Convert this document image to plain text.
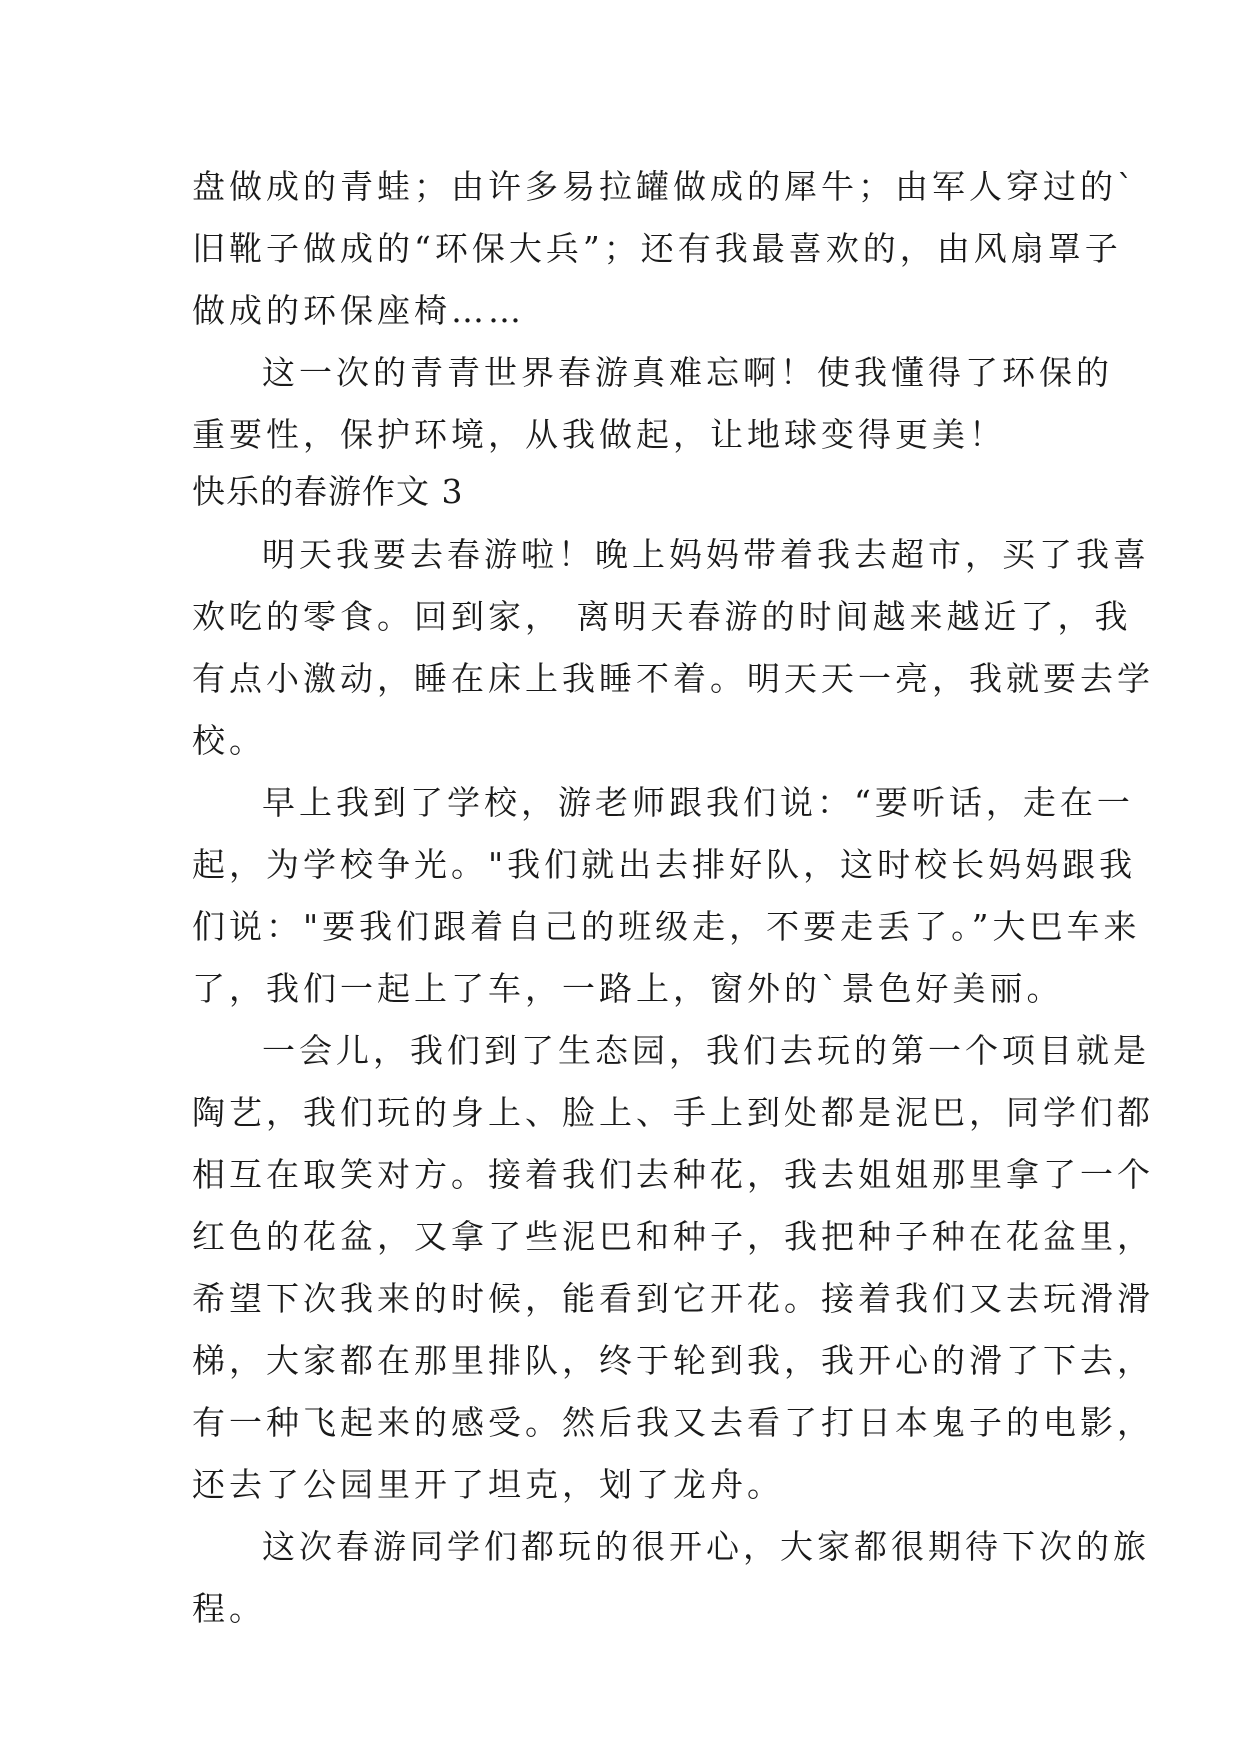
盘做成的青蛙；由许多易拉罐做成的犀牛；由军人穿过的`
旧靴子做成的“环保大兵”；还有我最喜欢的，由风扇罩子
做成的环保座椅……
这一次的青青世界春游真难忘啊！使我懂得了环保的
重要性，保护环境，从我做起，让地球变得更美！
快乐的春游作文 3
明天我要去春游啦！晚上妈妈带着我去超市，买了我喜
欢吃的零食。回到家， 离明天春游的时间越来越近了，我
有点小激动，睡在床上我睡不着。明天天一亮，我就要去学
校。
早上我到了学校，游老师跟我们说：“要听话，走在一
起，为学校争光。"我们就出去排好队，这时校长妈妈跟我
们说："要我们跟着自己的班级走，不要走丢了。”大巴车来
了，我们一起上了车，一路上，窗外的`景色好美丽。
一会儿，我们到了生态园，我们去玩的第一个项目就是
陶艺，我们玩的身上、脸上、手上到处都是泥巴，同学们都
相互在取笑对方。接着我们去种花，我去姐姐那里拿了一个
红色的花盆，又拿了些泥巴和种子，我把种子种在花盆里，
希望下次我来的时候，能看到它开花。接着我们又去玩滑滑
梯，大家都在那里排队，终于轮到我，我开心的滑了下去，
有一种飞起来的感受。然后我又去看了打日本鬼子的电影，
还去了公园里开了坦克，划了龙舟。
这次春游同学们都玩的很开心，大家都很期待下次的旅
程。
